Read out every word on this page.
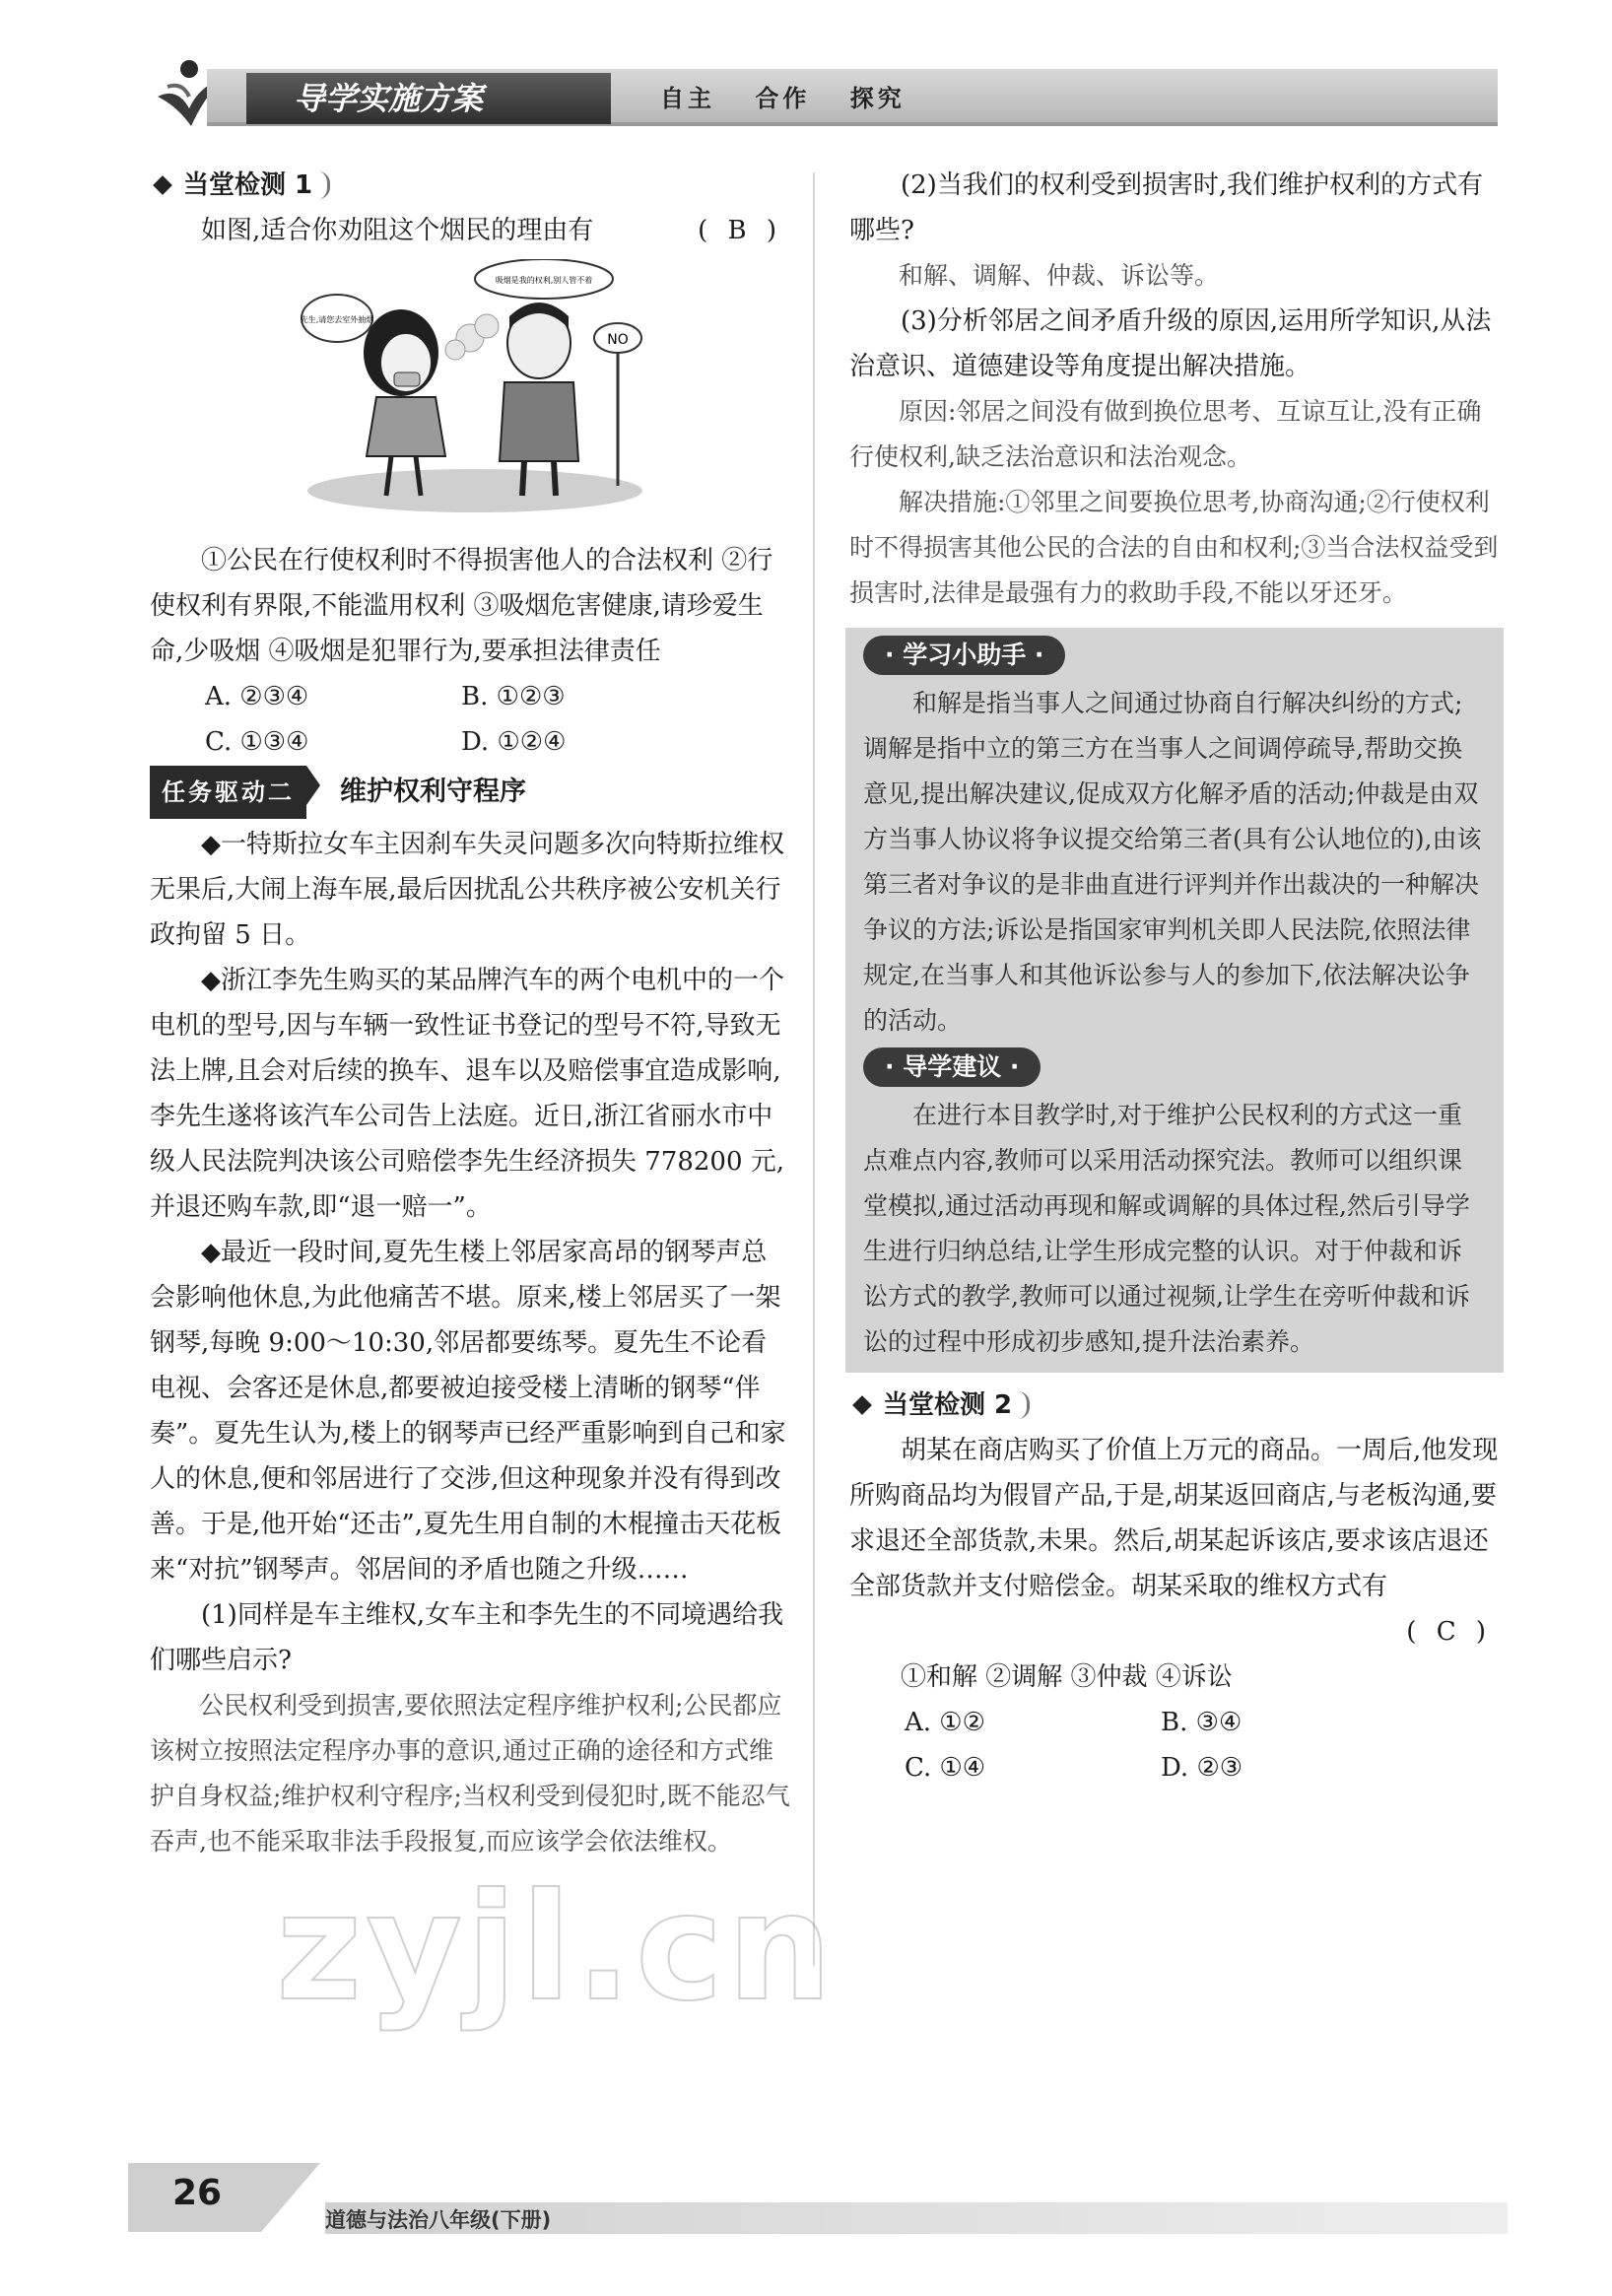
导学实施方案	自主 合作 探究
当堂检测 1
如图,适合你劝阻这个烟民的理由有	( B )
先生,请您去室外抽烟
吸烟是我的权利,别人管不着
NO

①公民在行使权利时不得损害他人的合法权利 ②行使权利有界限,不能滥用权利 ③吸烟危害健康,请珍爱生命,少吸烟 ④吸烟是犯罪行为,要承担法律责任

A. ②③④	B. ①②③
C. ①③④	D. ①②④
任务驱动二	维护权利守程序

◆ 一特斯拉女车主因刹车失灵问题多次向特斯拉维权无果后,大闹上海车展,最后因扰乱公共秩序被公安机关行政拘留 5 日。

◆ 浙江李先生购买的某品牌汽车的两个电机中的一个电机的型号,因与车辆一致性证书登记的型号不符,导致无法上牌,且会对后续的换车、退车以及赔偿事宜造成影响,李先生遂将该汽车公司告上法庭。近日,浙江省丽水市中级人民法院判决该公司赔偿李先生经济损失 778200 元,并退还购车款,即“退一赔一”。

◆ 最近一段时间,夏先生楼上邻居家高昂的钢琴声总会影响他休息,为此他痛苦不堪。原来,楼上邻居买了一架钢琴,每晚 9:00～10:30,邻居都要练琴。夏先生不论看电视、会客还是休息,都要被迫接受楼上清晰的钢琴“伴奏”。夏先生认为,楼上的钢琴声已经严重影响到自己和家人的休息,便和邻居进行了交涉,但这种现象并没有得到改善。于是,他开始“还击”,夏先生用自制的木棍撞击天花板来“对抗”钢琴声。邻居间的矛盾也随之升级……

(1)同样是车主维权,女车主和李先生的不同境遇给我们哪些启示?

公民权利受到损害,要依照法定程序维护权利;公民都应该树立按照法定程序办事的意识,通过正确的途径和方式维护自身权益;维护权利守程序;当权利受到侵犯时,既不能忍气吞声,也不能采取非法手段报复,而应该学会依法维权。

(2)当我们的权利受到损害时,我们维护权利的方式有哪些?

和解、调解、仲裁、诉讼等。

(3)分析邻居之间矛盾升级的原因,运用所学知识,从法治意识、道德建设等角度提出解决措施。

原因:邻居之间没有做到换位思考、互谅互让,没有正确行使权利,缺乏法治意识和法治观念。

解决措施:①邻里之间要换位思考,协商沟通;②行使权利时不得损害其他公民的合法的自由和权利;③当合法权益受到损害时,法律是最强有力的救助手段,不能以牙还牙。

· 学习小助手 ·

和解是指当事人之间通过协商自行解决纠纷的方式;调解是指中立的第三方在当事人之间调停疏导,帮助交换意见,提出解决建议,促成双方化解矛盾的活动;仲裁是由双方当事人协议将争议提交给第三者(具有公认地位的),由该第三者对争议的是非曲直进行评判并作出裁决的一种解决争议的方法;诉讼是指国家审判机关即人民法院,依照法律规定,在当事人和其他诉讼参与人的参加下,依法解决讼争的活动。

· 导学建议 ·

在进行本目教学时,对于维护公民权利的方式这一重点难点内容,教师可以采用活动探究法。教师可以组织课堂模拟,通过活动再现和解或调解的具体过程,然后引导学生进行归纳总结,让学生形成完整的认识。对于仲裁和诉讼方式的教学,教师可以通过视频,让学生在旁听仲裁和诉讼的过程中形成初步感知,提升法治素养。

当堂检测 2

胡某在商店购买了价值上万元的商品。一周后,他发现所购商品均为假冒产品,于是,胡某返回商店,与老板沟通,要求退还全部货款,未果。然后,胡某起诉该店,要求该店退还全部货款并支付赔偿金。胡某采取的维权方式有

( C )

①和解 ②调解 ③仲裁 ④诉讼

A. ①②	B. ③④
C. ①④	D. ②③
zyjl.cn
26
道德与法治八年级(下册)
